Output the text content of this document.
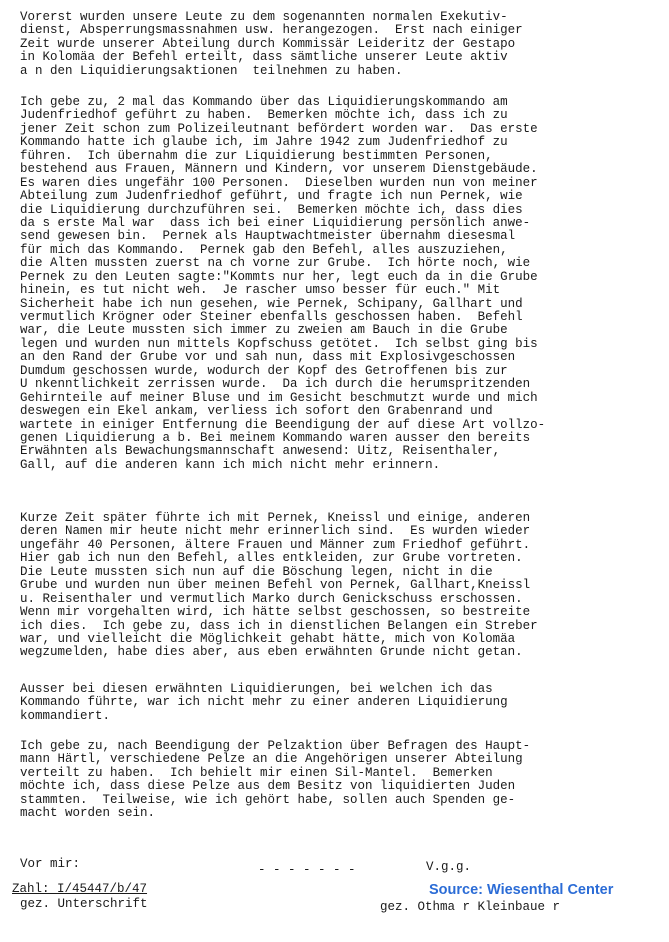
Vorerst wurden unsere Leute zu dem sogenannten normalen Exekutiv-
dienst, Absperrungsmassnahmen usw. herangezogen.  Erst nach einiger
Zeit wurde unserer Abteilung durch Kommissär Leideritz der Gestapo
in Kolomäa der Befehl erteilt, dass sämtliche unserer Leute aktiv
a n den Liquidierungsaktionen  teilnehmen zu haben.
Ich gebe zu, 2 mal das Kommando über das Liquidierungskommando am
Judenfriedhof geführt zu haben.  Bemerken möchte ich, dass ich zu
jener Zeit schon zum Polizeileutnant befördert worden war.  Das erste
Kommando hatte ich glaube ich, im Jahre 1942 zum Judenfriedhof zu
führen.  Ich übernahm die zur Liquidierung bestimmten Personen,
bestehend aus Frauen, Männern und Kindern, vor unserem Dienstgebäude.
Es waren dies ungefähr 100 Personen.  Dieselben wurden nun von meiner
Abteilung zum Judenfriedhof geführt, und fragte ich nun Pernek, wie
die Liquidierung durchzuführen sei.  Bemerken möchte ich, dass dies
da s erste Mal war  dass ich bei einer Liquidierung persönlich anwe-
send gewesen bin.  Pernek als Hauptwachtmeister übernahm diesesmal
für mich das Kommando.  Pernek gab den Befehl, alles auszuziehen,
die Alten mussten zuerst na ch vorne zur Grube.  Ich hörte noch, wie
Pernek zu den Leuten sagte:"Kommts nur her, legt euch da in die Grube
hinein, es tut nicht weh.  Je rascher umso besser für euch." Mit
Sicherheit habe ich nun gesehen, wie Pernek, Schipany, Gallhart und
vermutlich Krögner oder Steiner ebenfalls geschossen haben.  Befehl
war, die Leute mussten sich immer zu zweien am Bauch in die Grube
legen und wurden nun mittels Kopfschuss getötet.  Ich selbst ging bis
an den Rand der Grube vor und sah nun, dass mit Explosivgeschossen
Dumdum geschossen wurde, wodurch der Kopf des Getroffenen bis zur
U nkenntlichkeit zerrissen wurde.  Da ich durch die herumspritzenden
Gehirnteile auf meiner Bluse und im Gesicht beschmutzt wurde und mich
deswegen ein Ekel ankam, verliess ich sofort den Grabenrand und
wartete in einiger Entfernung die Beendigung der auf diese Art vollzo-
genen Liquidierung a b. Bei meinem Kommando waren ausser den bereits
Erwähnten als Bewachungsmannschaft anwesend: Uitz, Reisenthaler,
Gall, auf die anderen kann ich mich nicht mehr erinnern.
Kurze Zeit später führte ich mit Pernek, Kneissl und einige, anderen
deren Namen mir heute nicht mehr erinnerlich sind.  Es wurden wieder
ungefähr 40 Personen, ältere Frauen und Männer zum Friedhof geführt.
Hier gab ich nun den Befehl, alles entkleiden, zur Grube vortreten.
Die Leute mussten sich nun auf die Böschung legen, nicht in die
Grube und wurden nun über meinen Befehl von Pernek, Gallhart,Kneissl
u. Reisenthaler und vermutlich Marko durch Genickschuss erschossen.
Wenn mir vorgehalten wird, ich hätte selbst geschossen, so bestreite
ich dies.  Ich gebe zu, dass ich in dienstlichen Belangen ein Streber
war, und vielleicht die Möglichkeit gehabt hätte, mich von Kolomäa
wegzumelden, habe dies aber, aus eben erwähnten Grunde nicht getan.
Ausser bei diesen erwähnten Liquidierungen, bei welchen ich das
Kommando führte, war ich nicht mehr zu einer anderen Liquidierung
kommandiert.
Ich gebe zu, nach Beendigung der Pelzaktion über Befragen des Haupt-
mann Härtl, verschiedene Pelze an die Angehörigen unserer Abteilung
verteilt zu haben.  Ich behielt mir einen Sil-Mantel.  Bemerken
möchte ich, dass diese Pelze aus dem Besitz von liquidierten Juden
stammten.  Teilweise, wie ich gehört habe, sollen auch Spenden ge-
macht worden sein.

Vor mir:

gez. Unterschrift

V.g.g.

gez. Othma r Kleinbaue r

- - - - - - -
Zahl: I/45447/b/47	Source: Wiesenthal Center
